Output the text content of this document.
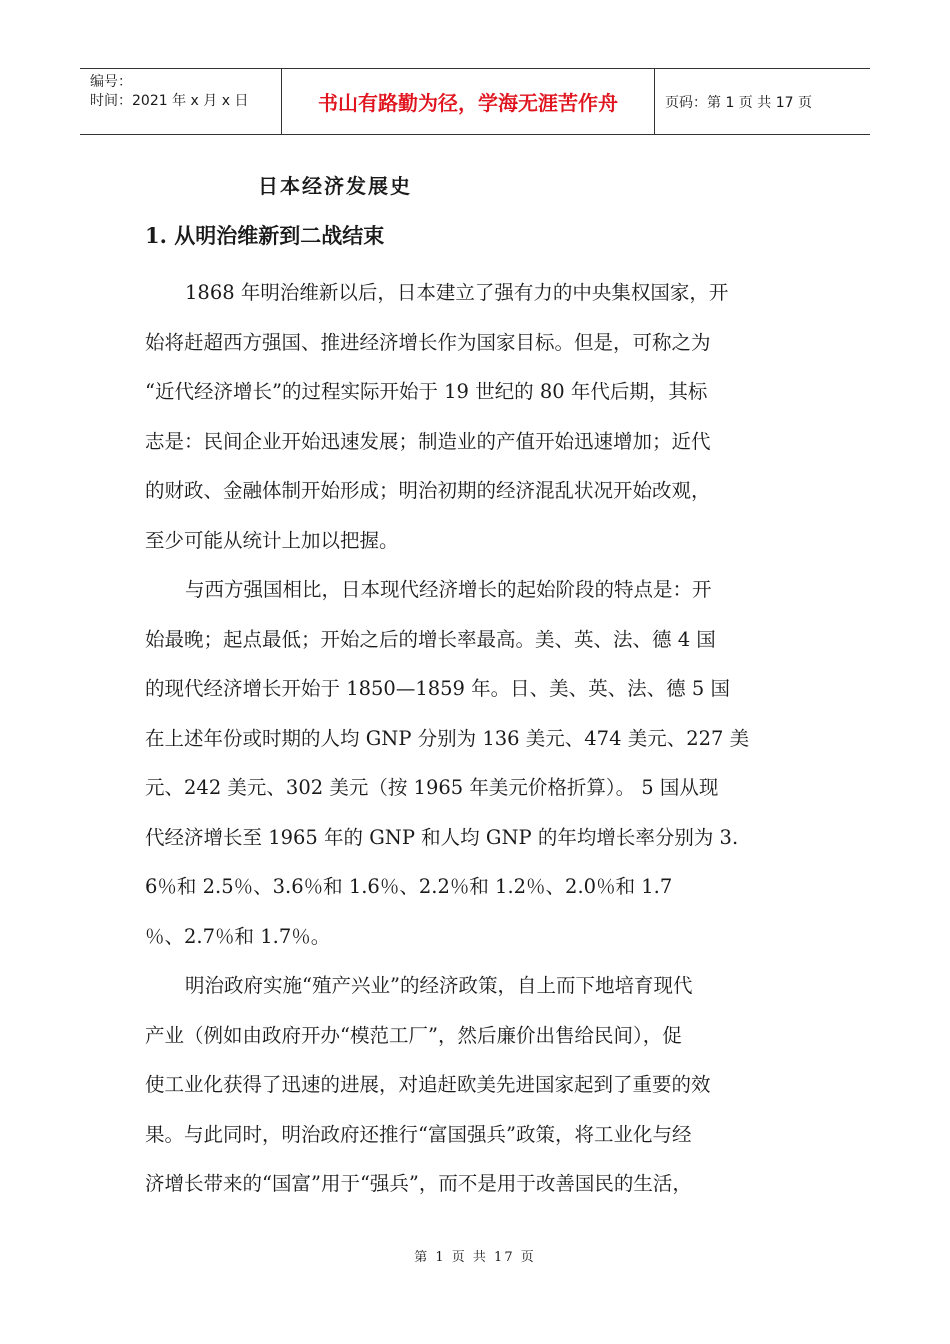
编号：
时间：2021 年 x 月 x 日	书山有路勤为径，学海无涯苦作舟	页码：第 1 页 共 17 页
日本经济发展史
1. 从明治维新到二战结束
1868 年明治维新以后，日本建立了强有力的中央集权国家，开
始将赶超西方强国、推进经济增长作为国家目标。但是，可称之为
“近代经济增长”的过程实际开始于 19 世纪的 80 年代后期，其标
志是：民间企业开始迅速发展；制造业的产值开始迅速增加；近代
的财政、金融体制开始形成；明治初期的经济混乱状况开始改观，
至少可能从统计上加以把握。
与西方强国相比，日本现代经济增长的起始阶段的特点是：开
始最晚；起点最低；开始之后的增长率最高。美、英、法、德 4 国
的现代经济增长开始于 1850—1859 年。日、美、英、法、德 5 国
在上述年份或时期的人均 GNP 分别为 136 美元、474 美元、227 美
元、242 美元、302 美元（按 1965 年美元价格折算）。 5 国从现
代经济增长至 1965 年的 GNP 和人均 GNP 的年均增长率分别为 3.
6％和 2.5％、3.6％和 1.6％、2.2％和 1.2％、2.0％和 1.7
％、2.7％和 1.7％。
明治政府实施“殖产兴业”的经济政策，自上而下地培育现代
产业（例如由政府开办“模范工厂”，然后廉价出售给民间），促
使工业化获得了迅速的进展，对追赶欧美先进国家起到了重要的效
果。与此同时，明治政府还推行“富国强兵”政策，将工业化与经
济增长带来的“国富”用于“强兵”，而不是用于改善国民的生活，
第 1 页 共 17 页
